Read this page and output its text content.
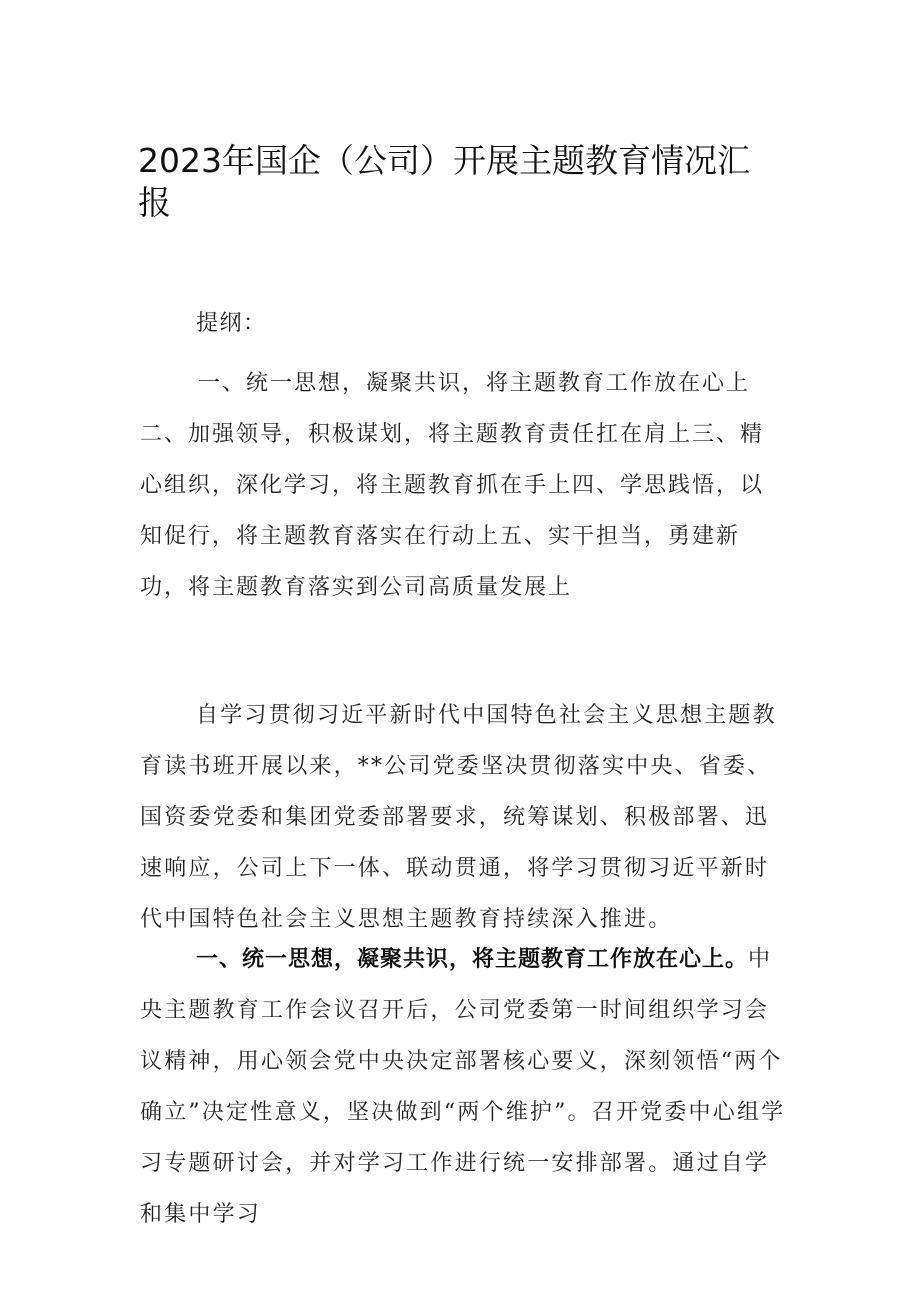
2023年国企（公司）开展主题教育情况汇报

提纲：

一、统一思想，凝聚共识，将主题教育工作放在心上二、加强领导，积极谋划，将主题教育责任扛在肩上三、精心组织，深化学习，将主题教育抓在手上四、学思践悟，以知促行，将主题教育落实在行动上五、实干担当，勇建新功，将主题教育落实到公司高质量发展上

自学习贯彻习近平新时代中国特色社会主义思想主题教育读书班开展以来，**公司党委坚决贯彻落实中央、省委、国资委党委和集团党委部署要求，统筹谋划、积极部署、迅速响应，公司上下一体、联动贯通，将学习贯彻习近平新时代中国特色社会主义思想主题教育持续深入推进。

一、统一思想，凝聚共识，将主题教育工作放在心上。中央主题教育工作会议召开后，公司党委第一时间组织学习会议精神，用心领会党中央决定部署核心要义，深刻领悟“两个确立”决定性意义，坚决做到“两个维护”。召开党委中心组学习专题研讨会，并对学习工作进行统一安排部署。通过自学和集中学习
